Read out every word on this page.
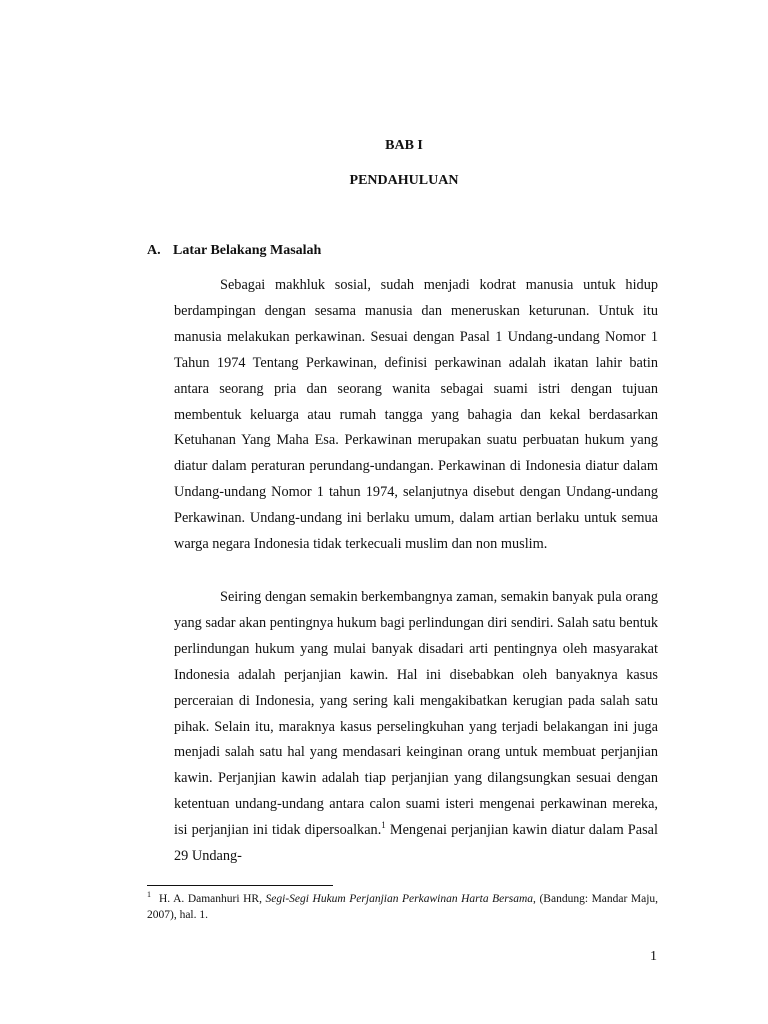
BAB I
PENDAHULUAN
A. Latar Belakang Masalah

Sebagai makhluk sosial, sudah menjadi kodrat manusia untuk hidup berdampingan dengan sesama manusia dan meneruskan keturunan. Untuk itu manusia melakukan perkawinan. Sesuai dengan Pasal 1 Undang-undang Nomor 1 Tahun 1974 Tentang Perkawinan, definisi perkawinan adalah ikatan lahir batin antara seorang pria dan seorang wanita sebagai suami istri dengan tujuan membentuk keluarga atau rumah tangga yang bahagia dan kekal berdasarkan Ketuhanan Yang Maha Esa. Perkawinan merupakan suatu perbuatan hukum yang diatur dalam peraturan perundang-undangan. Perkawinan di Indonesia diatur dalam Undang-undang Nomor 1 tahun 1974, selanjutnya disebut dengan Undang-undang Perkawinan. Undang-undang ini berlaku umum, dalam artian berlaku untuk semua warga negara Indonesia tidak terkecuali muslim dan non muslim.

Seiring dengan semakin berkembangnya zaman, semakin banyak pula orang yang sadar akan pentingnya hukum bagi perlindungan diri sendiri. Salah satu bentuk perlindungan hukum yang mulai banyak disadari arti pentingnya oleh masyarakat Indonesia adalah perjanjian kawin. Hal ini disebabkan oleh banyaknya kasus perceraian di Indonesia, yang sering kali mengakibatkan kerugian pada salah satu pihak. Selain itu, maraknya kasus perselingkuhan yang terjadi belakangan ini juga menjadi salah satu hal yang mendasari keinginan orang untuk membuat perjanjian kawin. Perjanjian kawin adalah tiap perjanjian yang dilangsungkan sesuai dengan ketentuan undang-undang antara calon suami isteri mengenai perkawinan mereka, isi perjanjian ini tidak dipersoalkan.$^1$ Mengenai perjanjian kawin diatur dalam Pasal 29 Undang-

$^1$ H. A. Damanhuri HR, Segi-Segi Hukum Perjanjian Perkawinan Harta Bersama, (Bandung: Mandar Maju, 2007), hal. 1.
1
